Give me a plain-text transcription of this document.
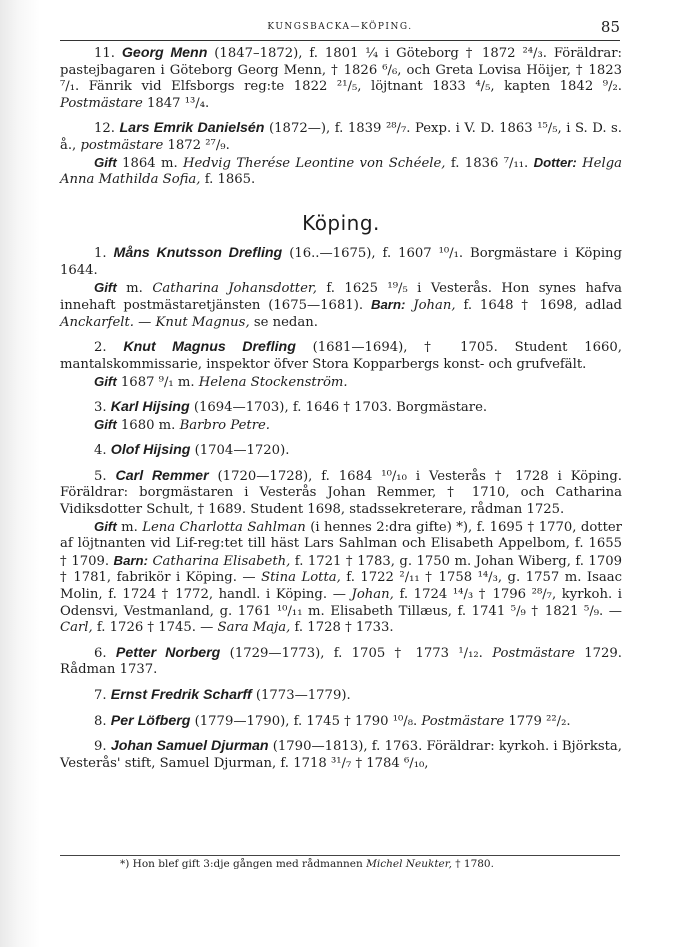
KUNGSBACKA—KÖPING.	85

11. Georg Menn (1847–1872), f. 1801 ¼ i Göteborg † 1872 ²⁴/₃. Föräldrar: pastejbagaren i Göteborg Georg Menn, † 1826 ⁶/₆, och Greta Lovisa Höijer, † 1823 ⁷/₁. Fänrik vid Elfsborgs reg:te 1822 ²¹/₅, löjtnant 1833 ⁴/₅, kapten 1842 ⁹/₂. Postmästare 1847 ¹³/₄.

12. Lars Emrik Danielsén (1872—), f. 1839 ²⁸/₇. Pexp. i V. D. 1863 ¹⁵/₅, i S. D. s. å., postmästare 1872 ²⁷/₉.

Gift 1864 m. Hedvig Therése Leontine von Schéele, f. 1836 ⁷/₁₁. Dotter: Helga Anna Mathilda Sofia, f. 1865.

Köping.

1. Måns Knutsson Drefling (16..—1675), f. 1607 ¹⁰/₁. Borgmästare i Köping 1644.

Gift m. Catharina Johansdotter, f. 1625 ¹⁹/₅ i Vesterås. Hon synes hafva innehaft postmästaretjänsten (1675—1681). Barn: Johan, f. 1648 † 1698, adlad Anckarfelt. — Knut Magnus, se nedan.

2. Knut Magnus Drefling (1681—1694), † 1705. Student 1660, mantalskommissarie, inspektor öfver Stora Kopparbergs konst- och grufvefält.

Gift 1687 ⁹/₁ m. Helena Stockenström.

3. Karl Hijsing (1694—1703), f. 1646 † 1703. Borgmästare.

Gift 1680 m. Barbro Petre.

4. Olof Hijsing (1704—1720).

5. Carl Remmer (1720—1728), f. 1684 ¹⁰/₁₀ i Vesterås † 1728 i Köping. Föräldrar: borgmästaren i Vesterås Johan Remmer, † 1710, och Catharina Vidiksdotter Schult, † 1689. Student 1698, stadssekreterare, rådman 1725.

Gift m. Lena Charlotta Sahlman (i hennes 2:dra gifte) *), f. 1695 † 1770, dotter af löjtnanten vid Lif-reg:tet till häst Lars Sahlman och Elisabeth Appelbom, f. 1655 † 1709. Barn: Catharina Elisabeth, f. 1721 † 1783, g. 1750 m. Johan Wiberg, f. 1709 † 1781, fabrikör i Köping. — Stina Lotta, f. 1722 ²/₁₁ † 1758 ¹⁴/₃, g. 1757 m. Isaac Molin, f. 1724 † 1772, handl. i Köping. — Johan, f. 1724 ¹⁴/₃ † 1796 ²⁸/₇, kyrkoh. i Odensvi, Vestmanland, g. 1761 ¹⁰/₁₁ m. Elisabeth Tillæus, f. 1741 ⁵/₉ † 1821 ⁵/₉. — Carl, f. 1726 † 1745. — Sara Maja, f. 1728 † 1733.

6. Petter Norberg (1729—1773), f. 1705 † 1773 ¹/₁₂. Postmästare 1729. Rådman 1737.

7. Ernst Fredrik Scharff (1773—1779).

8. Per Löfberg (1779—1790), f. 1745 † 1790 ¹⁰/₈. Postmästare 1779 ²²/₂.

9. Johan Samuel Djurman (1790—1813), f. 1763. Föräldrar: kyrkoh. i Björksta, Vesterås' stift, Samuel Djurman, f. 1718 ³¹/₇ † 1784 ⁶/₁₀,

*) Hon blef gift 3:dje gången med rådmannen Michel Neukter, † 1780.
